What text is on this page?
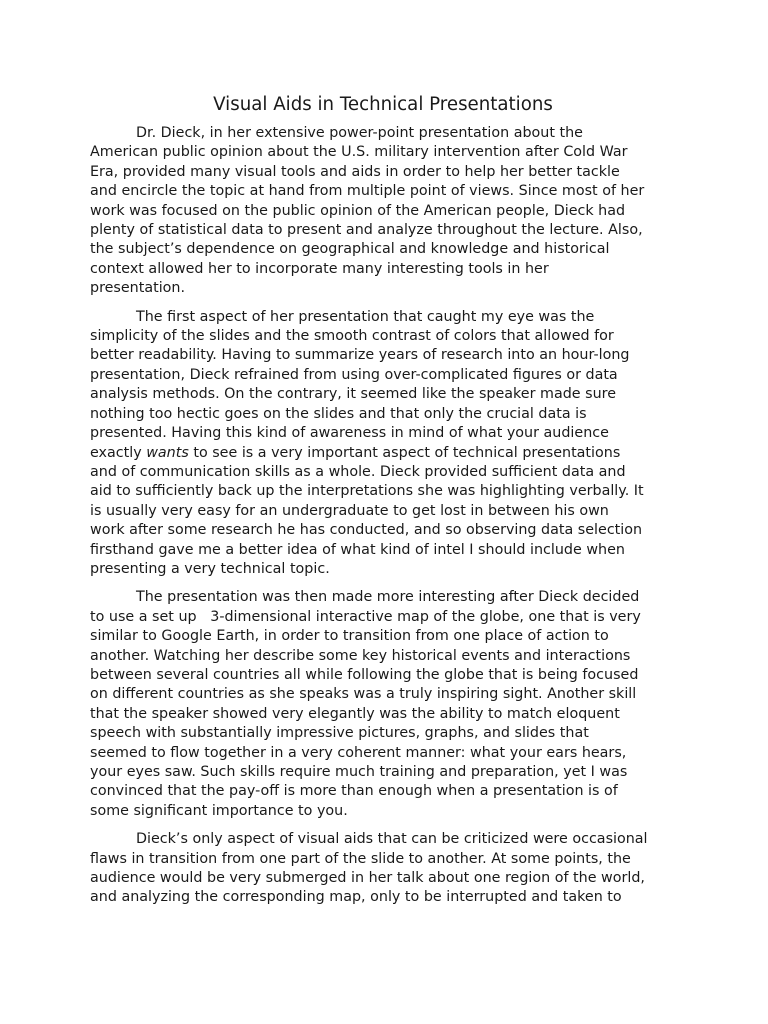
Visual Aids in Technical Presentations
Dr. Dieck, in her extensive power-point presentation about the
American public opinion about the U.S. military intervention after Cold War
Era, provided many visual tools and aids in order to help her better tackle
and encircle the topic at hand from multiple point of views. Since most of her
work was focused on the public opinion of the American people, Dieck had
plenty of statistical data to present and analyze throughout the lecture. Also,
the subject’s dependence on geographical and knowledge and historical
context allowed her to incorporate many interesting tools in her
presentation.
The first aspect of her presentation that caught my eye was the
simplicity of the slides and the smooth contrast of colors that allowed for
better readability. Having to summarize years of research into an hour-long
presentation, Dieck refrained from using over-complicated figures or data
analysis methods. On the contrary, it seemed like the speaker made sure
nothing too hectic goes on the slides and that only the crucial data is
presented. Having this kind of awareness in mind of what your audience
exactly wants to see is a very important aspect of technical presentations
and of communication skills as a whole. Dieck provided sufficient data and
aid to sufficiently back up the interpretations she was highlighting verbally. It
is usually very easy for an undergraduate to get lost in between his own
work after some research he has conducted, and so observing data selection
firsthand gave me a better idea of what kind of intel I should include when
presenting a very technical topic.
The presentation was then made more interesting after Dieck decided
to use a set up   3-dimensional interactive map of the globe, one that is very
similar to Google Earth, in order to transition from one place of action to
another. Watching her describe some key historical events and interactions
between several countries all while following the globe that is being focused
on different countries as she speaks was a truly inspiring sight. Another skill
that the speaker showed very elegantly was the ability to match eloquent
speech with substantially impressive pictures, graphs, and slides that
seemed to flow together in a very coherent manner: what your ears hears,
your eyes saw. Such skills require much training and preparation, yet I was
convinced that the pay-off is more than enough when a presentation is of
some significant importance to you.
Dieck’s only aspect of visual aids that can be criticized were occasional
flaws in transition from one part of the slide to another. At some points, the
audience would be very submerged in her talk about one region of the world,
and analyzing the corresponding map, only to be interrupted and taken to
